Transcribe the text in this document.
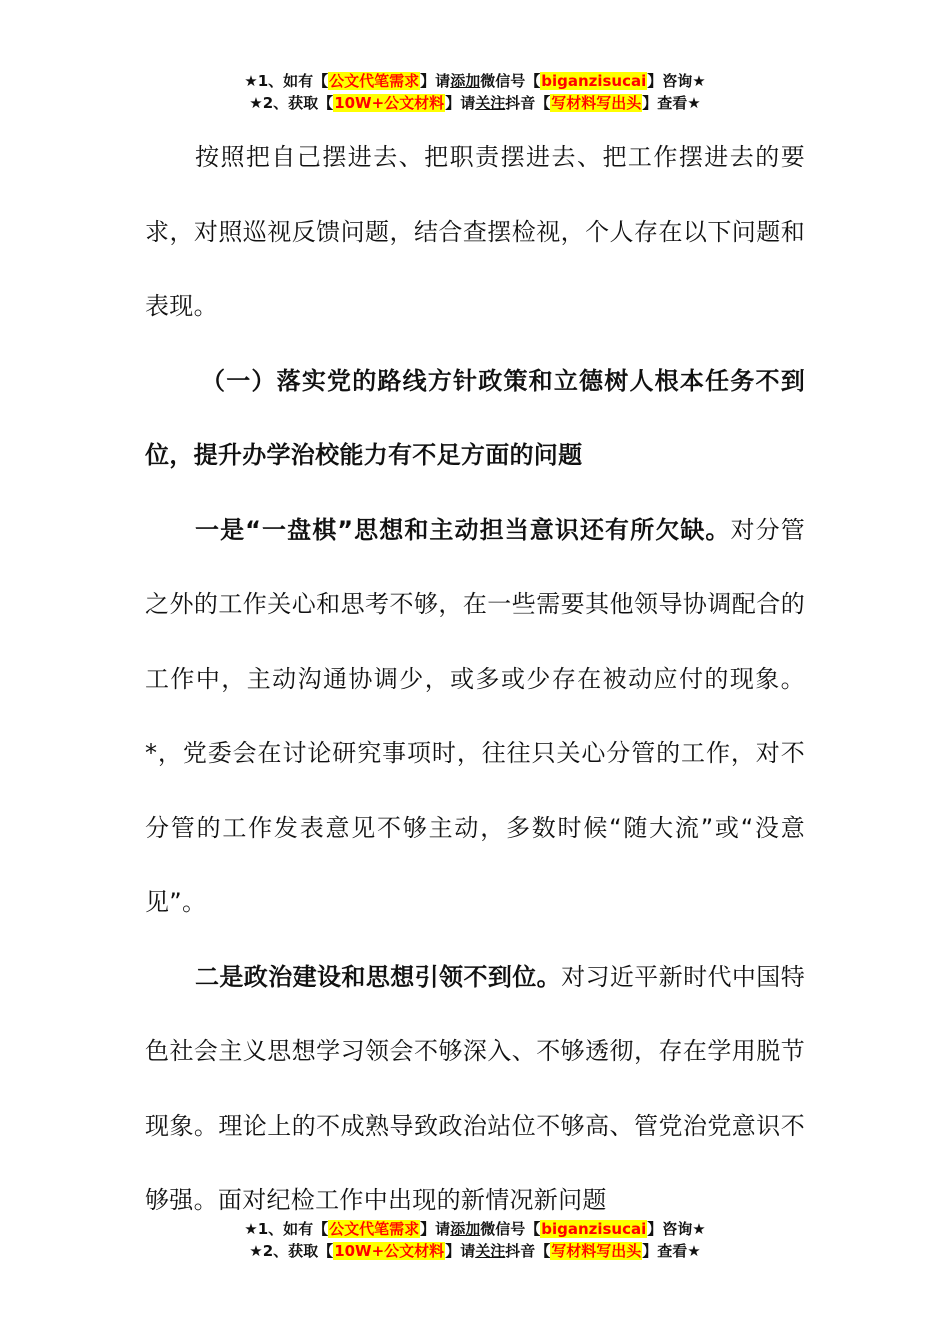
★1、如有【公文代笔需求】请添加微信号【biganzisucai】咨询★
★2、获取【10W+公文材料】请关注抖音【写材料写出头】查看★

按照把自己摆进去、把职责摆进去、把工作摆进去的要求，对照巡视反馈问题，结合查摆检视，个人存在以下问题和表现。

（一）落实党的路线方针政策和立德树人根本任务不到位，提升办学治校能力有不足方面的问题

一是“一盘棋”思想和主动担当意识还有所欠缺。对分管之外的工作关心和思考不够，在一些需要其他领导协调配合的工作中，主动沟通协调少，或多或少存在被动应付的现象。*，党委会在讨论研究事项时，往往只关心分管的工作，对不分管的工作发表意见不够主动，多数时候“随大流”或“没意见”。

二是政治建设和思想引领不到位。对习近平新时代中国特色社会主义思想学习领会不够深入、不够透彻，存在学用脱节现象。理论上的不成熟导致政治站位不够高、管党治党意识不够强。面对纪检工作中出现的新情况新问题

★1、如有【公文代笔需求】请添加微信号【biganzisucai】咨询★
★2、获取【10W+公文材料】请关注抖音【写材料写出头】查看★
